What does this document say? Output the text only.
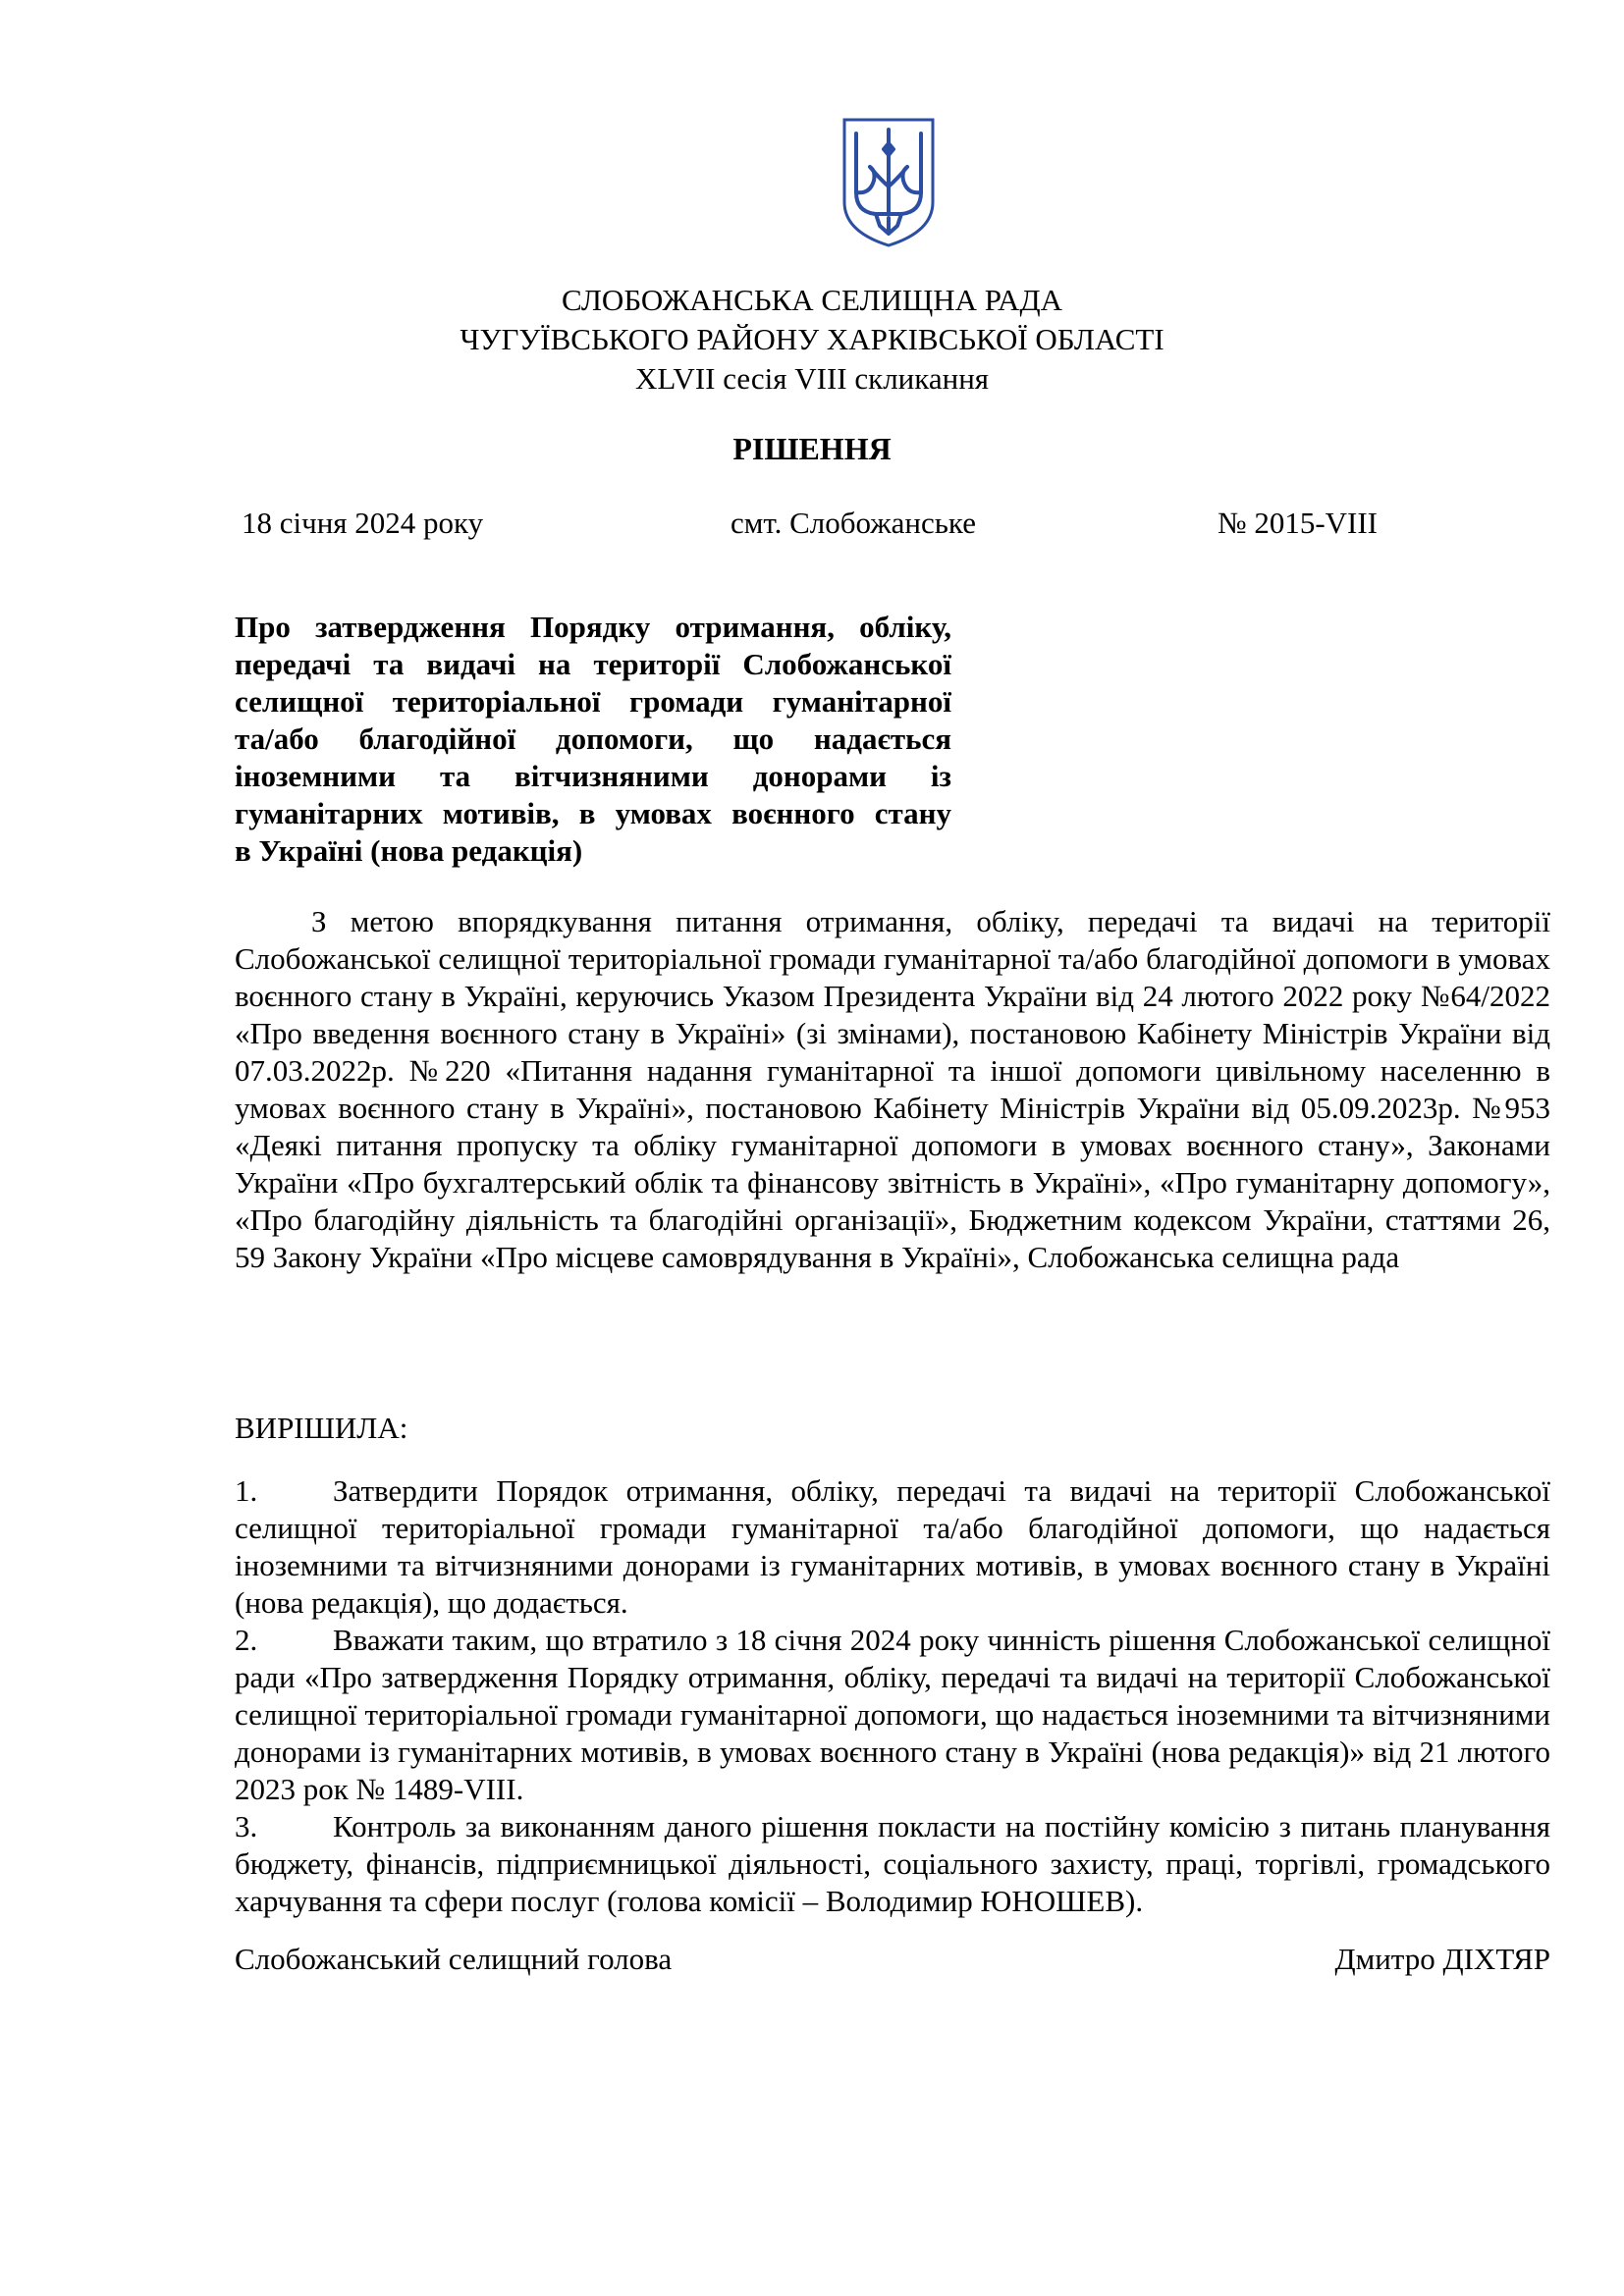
СЛОБОЖАНСЬКА СЕЛИЩНА РАДА
ЧУГУЇВСЬКОГО РАЙОНУ ХАРКІВСЬКОЇ ОБЛАСТІ
XLVII сесія VIII скликання
РІШЕННЯ
18 січня 2024 року	смт. Слобожанське	№ 2015-VIII
Про затвердження Порядку отримання, обліку,
передачі та видачі на території Слобожанської
селищної територіальної громади гуманітарної
та/або благодійної допомоги, що надається
іноземними та вітчизняними донорами із
гуманітарних мотивів, в умовах воєнного стану
в Україні (нова редакція)
З метою впорядкування питання отримання, обліку, передачі та видачі на території Слобожанської селищної територіальної громади гуманітарної та/або благодійної допомоги в умовах воєнного стану в Україні, керуючись Указом Президента України від 24 лютого 2022 року №64/2022 «Про введення воєнного стану в Україні» (зі змінами), постановою Кабінету Міністрів України від 07.03.2022р. №220 «Питання надання гуманітарної та іншої допомоги цивільному населенню в умовах воєнного стану в Україні», постановою Кабінету Міністрів України від 05.09.2023р. №953 «Деякі питання пропуску та обліку гуманітарної допомоги в умовах воєнного стану», Законами України «Про бухгалтерський облік та фінансову звітність в Україні», «Про гуманітарну допомогу», «Про благодійну діяльність та благодійні організації», Бюджетним кодексом України, статтями 26, 59 Закону України «Про місцеве самоврядування в Україні», Слобожанська селищна рада
ВИРІШИЛА:
1.	Затвердити Порядок отримання, обліку, передачі та видачі на території Слобожанської селищної територіальної громади гуманітарної та/або благодійної допомоги, що надається іноземними та вітчизняними донорами із гуманітарних мотивів, в умовах воєнного стану в Україні (нова редакція), що додається.
2.	Вважати таким, що втратило з 18 січня 2024 року чинність рішення Слобожанської селищної ради «Про затвердження Порядку отримання, обліку, передачі та видачі на території Слобожанської селищної територіальної громади гуманітарної допомоги, що надається іноземними та вітчизняними донорами із гуманітарних мотивів, в умовах воєнного стану в Україні (нова редакція)» від 21 лютого 2023 рок № 1489-VIII.
3.	Контроль за виконанням даного рішення покласти на постійну комісію з питань планування бюджету, фінансів, підприємницької діяльності, соціального захисту, праці, торгівлі, громадського харчування та сфери послуг (голова комісії – Володимир ЮНОШЕВ).
Слобожанський селищний голова	Дмитро ДІХТЯР
